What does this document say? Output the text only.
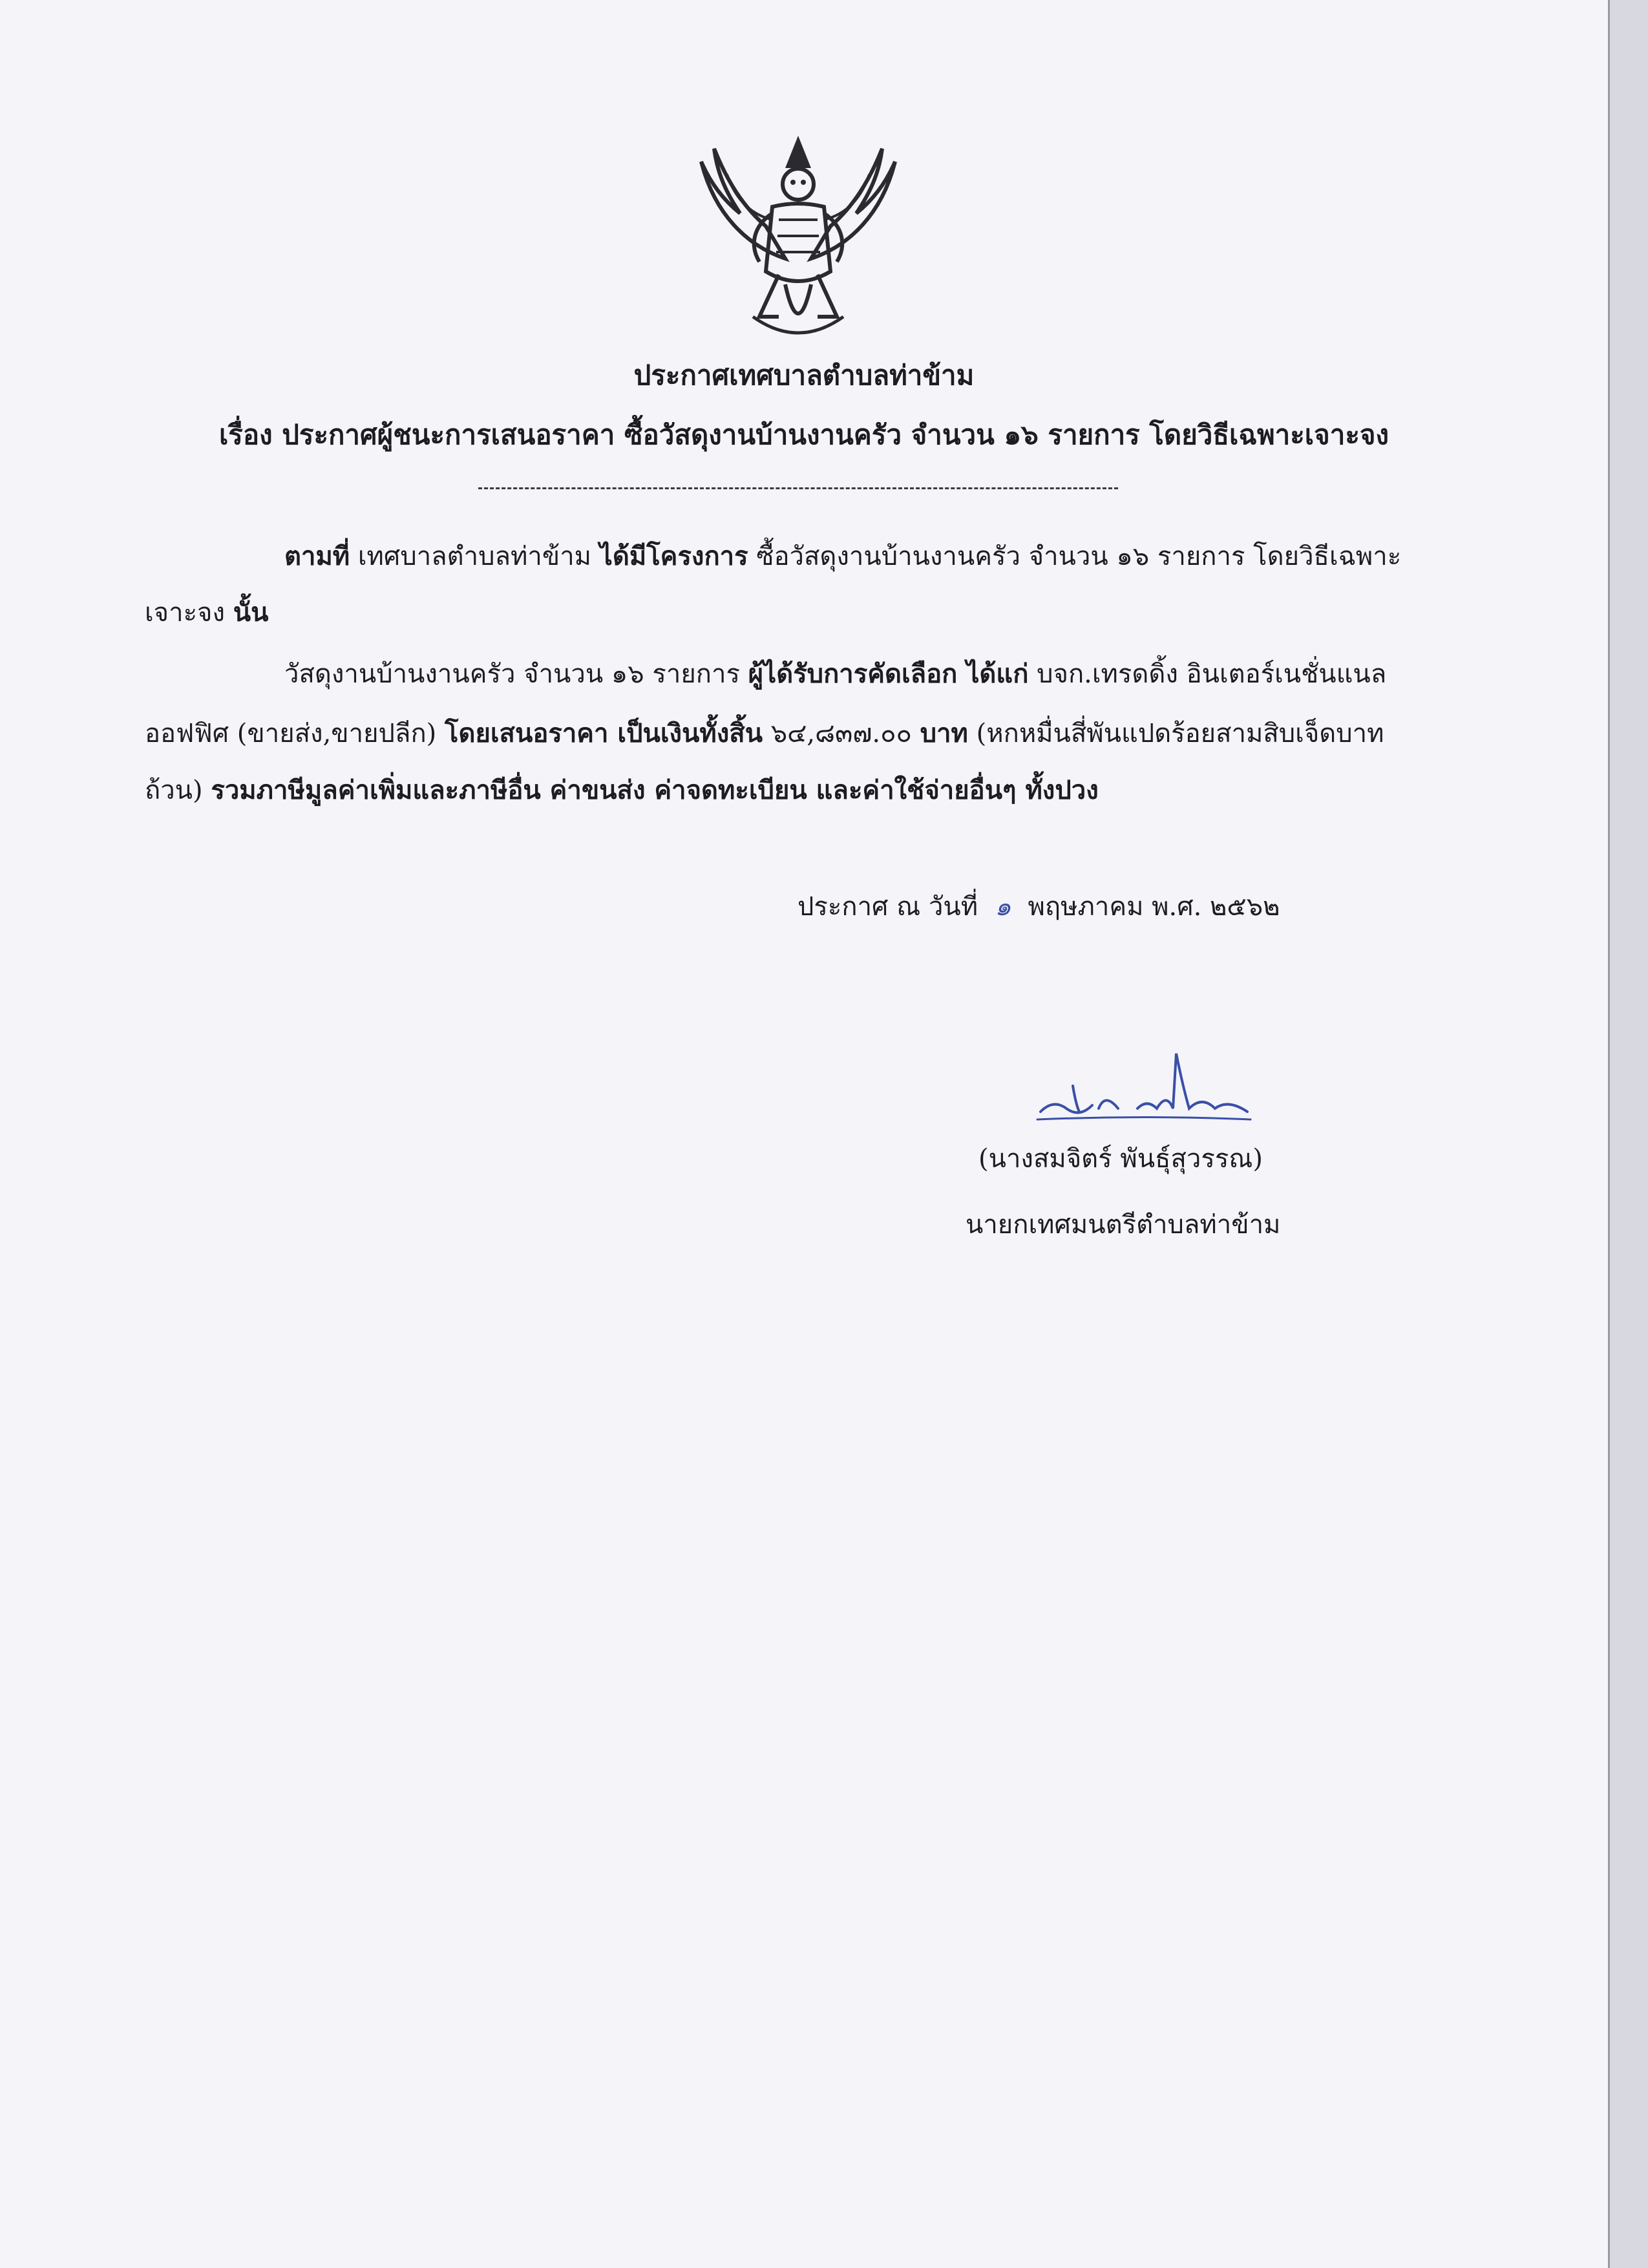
ประกาศเทศบาลตำบลท่าข้าม
เรื่อง ประกาศผู้ชนะการเสนอราคา ซื้อวัสดุงานบ้านงานครัว จำนวน ๑๖ รายการ โดยวิธีเฉพาะเจาะจง
ตามที่ เทศบาลตำบลท่าข้าม ได้มีโครงการ ซื้อวัสดุงานบ้านงานครัว จำนวน ๑๖ รายการ โดยวิธีเฉพาะ
เจาะจง นั้น
วัสดุงานบ้านงานครัว จำนวน ๑๖ รายการ ผู้ได้รับการคัดเลือก ได้แก่ บจก.เทรดดิ้ง อินเตอร์เนชั่นแนล
ออฟฟิศ (ขายส่ง,ขายปลีก) โดยเสนอราคา เป็นเงินทั้งสิ้น ๖๔,๘๓๗.๐๐ บาท (หกหมื่นสี่พันแปดร้อยสามสิบเจ็ดบาท
ถ้วน) รวมภาษีมูลค่าเพิ่มและภาษีอื่น ค่าขนส่ง ค่าจดทะเบียน และค่าใช้จ่ายอื่นๆ ทั้งปวง
ประกาศ ณ วันที่ ๑ พฤษภาคม พ.ศ. ๒๕๖๒
(นางสมจิตร์ พันธุ์สุวรรณ)
นายกเทศมนตรีตำบลท่าข้าม
